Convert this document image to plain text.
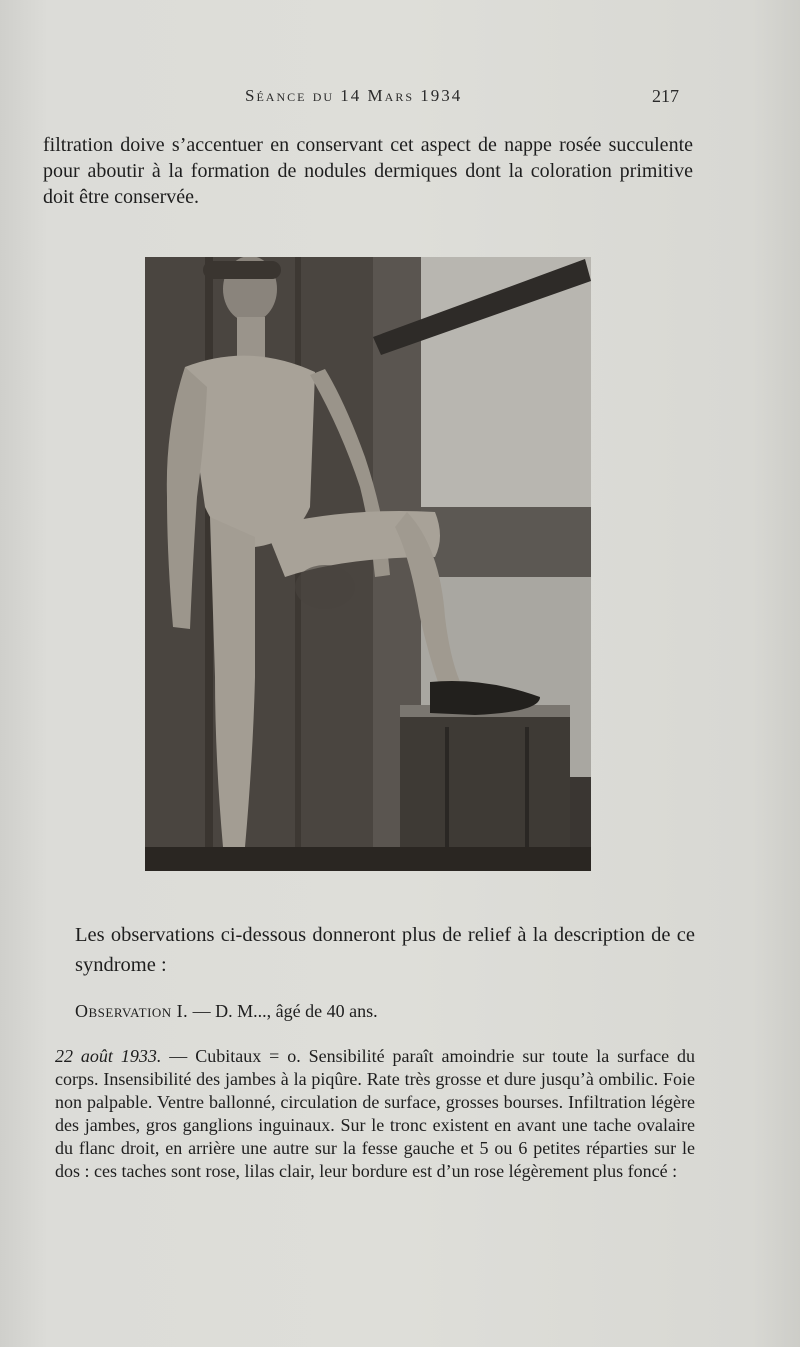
Séance du 14 Mars 1934	217
filtration doive s’accentuer en conservant cet aspect de nappe rosée succulente pour aboutir à la formation de nodules dermiques dont la coloration primitive doit être conservée.
Les observations ci-dessous donneront plus de relief à la description de ce syndrome :
Observation I. — D. M..., âgé de 40 ans.
22 août 1933. — Cubitaux = o. Sensibilité paraît amoindrie sur toute la surface du corps. Insensibilité des jambes à la piqûre. Rate très grosse et dure jusqu’à ombilic. Foie non palpable. Ventre ballonné, circulation de surface, grosses bourses. Infiltration légère des jambes, gros ganglions inguinaux. Sur le tronc existent en avant une tache ovalaire du flanc droit, en arrière une autre sur la fesse gauche et 5 ou 6 petites réparties sur le dos : ces taches sont rose, lilas clair, leur bordure est d’un rose légèrement plus foncé :
